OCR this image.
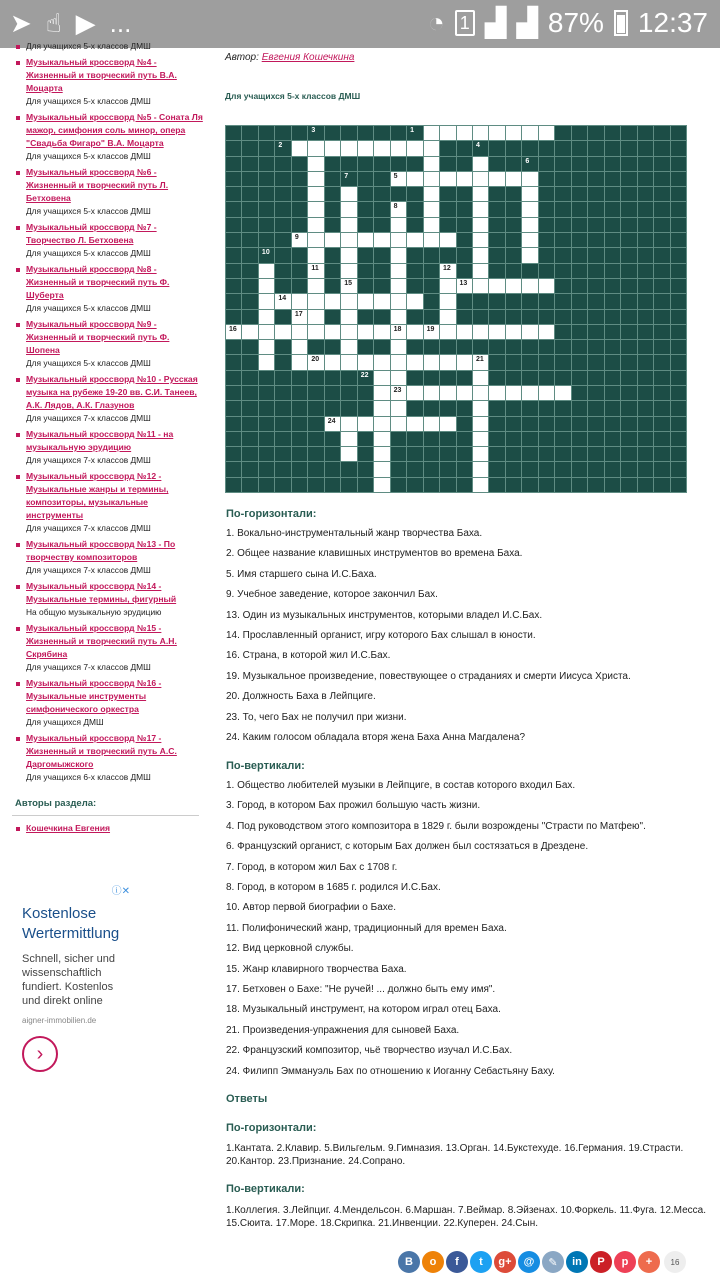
➤ ☝ ▶ ...	◔ 1 ▟ ▟ 87% 12:37
Для учащихся 5-х классов ДМШ
Музыкальный кроссворд №4 - Жизненный и творческий путь В.А. Моцарта
Для учащихся 5-х классов ДМШ
Музыкальный кроссворд №5 - Соната Ля мажор, симфония соль минор, опера "Свадьба Фигаро" В.А. Моцарта
Для учащихся 5-х классов ДМШ
Музыкальный кроссворд №6 - Жизненный и творческий путь Л. Бетховена
Для учащихся 5-х классов ДМШ
Музыкальный кроссворд №7 - Творчество Л. Бетховена
Для учащихся 5-х классов ДМШ
Музыкальный кроссворд №8 - Жизненный и творческий путь Ф. Шуберта
Для учащихся 5-х классов ДМШ
Музыкальный кроссворд №9 - Жизненный и творческий путь Ф. Шопена
Для учащихся 5-х классов ДМШ
Музыкальный кроссворд №10 - Русская музыка на рубеже 19-20 вв. С.И. Танеев, А.К. Лядов, А.К. Глазунов
Для учащихся 7-х классов ДМШ
Музыкальный кроссворд №11 - на музыкальную эрудицию
Для учащихся 7-х классов ДМШ
Музыкальный кроссворд №12 - Музыкальные жанры и термины, композиторы, музыкальные инструменты
Для учащихся 7-х классов ДМШ
Музыкальный кроссворд №13 - По творчеству композиторов
Для учащихся 7-х классов ДМШ
Музыкальный кроссворд №14 - Музыкальные термины, фигурный
На общую музыкальную эрудицию
Музыкальный кроссворд №15 - Жизненный и творческий путь А.Н. Скрябина
Для учащихся 7-х классов ДМШ
Музыкальный кроссворд №16 - Музыкальные инструменты симфонического оркестра
Для учащихся ДМШ
Музыкальный кроссворд №17 - Жизненный и творческий путь А.С. Даргомыжского
Для учащихся 6-х классов ДМШ
Авторы раздела:
Кошечкина Евгения
ⓘ✕
Kostenlose Wertermittlung
Schnell, sicher und wissenschaftlich fundiert. Kostenlos und direkt online
aigner-immobilien.de
›
Автор: Евгения Кошечкина
Для учащихся 5-х классов ДМШ
3	1
2	4
6
7	5
8
9
10
11	12
15	13
14
17
16	18	19
20	21
22
23
24
По-горизонтали:
1. Вокально-инструментальный жанр творчества Баха.
2. Общее название клавишных инструментов во времена Баха.
5. Имя старшего сына И.С.Баха.
9. Учебное заведение, которое закончил Бах.
13. Один из музыкальных инструментов, которыми владел И.С.Бах.
14. Прославленный органист, игру которого Бах слышал в юности.
16. Страна, в которой жил И.С.Бах.
19. Музыкальное произведение, повествующее о страданиях и смерти Иисуса Христа.
20. Должность Баха в Лейпциге.
23. То, чего Бах не получил при жизни.
24. Каким голосом обладала вторя жена Баха Анна Магдалена?
По-вертикали:
1. Общество любителей музыки в Лейпциге, в состав которого входил Бах.
3. Город, в котором Бах прожил большую часть жизни.
4. Под руководством этого композитора в 1829 г. были возрождены "Страсти по Матфею".
6. Французский органист, с которым Бах должен был состязаться в Дрездене.
7. Город, в котором жил Бах с 1708 г.
8. Город, в котором в 1685 г. родился И.С.Бах.
10. Автор первой биографии о Бахе.
11. Полифонический жанр, традиционный для времен Баха.
12. Вид церковной службы.
15. Жанр клавирного творчества Баха.
17. Бетховен о Бахе: "Не ручей! ... должно быть ему имя".
18. Музыкальный инструмент, на котором играл отец Баха.
21. Произведения-упражнения для сыновей Баха.
22. Французский композитор, чьё творчество изучал И.С.Бах.
24. Филипп Эммануэль Бах по отношению к Иоганну Себастьяну Баху.
Ответы
По-горизонтали:
1.Кантата. 2.Клавир. 5.Вильгельм. 9.Гимназия. 13.Орган. 14.Букстехуде. 16.Германия. 19.Страсти. 20.Кантор. 23.Признание. 24.Сопрано.
По-вертикали:
1.Коллегия. 3.Лейпциг. 4.Мендельсон. 6.Маршан. 7.Веймар. 8.Эйзенах. 10.Форкель. 11.Фуга. 12.Месса. 15.Сюита. 17.Море. 18.Скрипка. 21.Инвенции. 22.Куперен. 24.Сын.
B	o	f	t	g+	@	✎	in	P	p	+	16
